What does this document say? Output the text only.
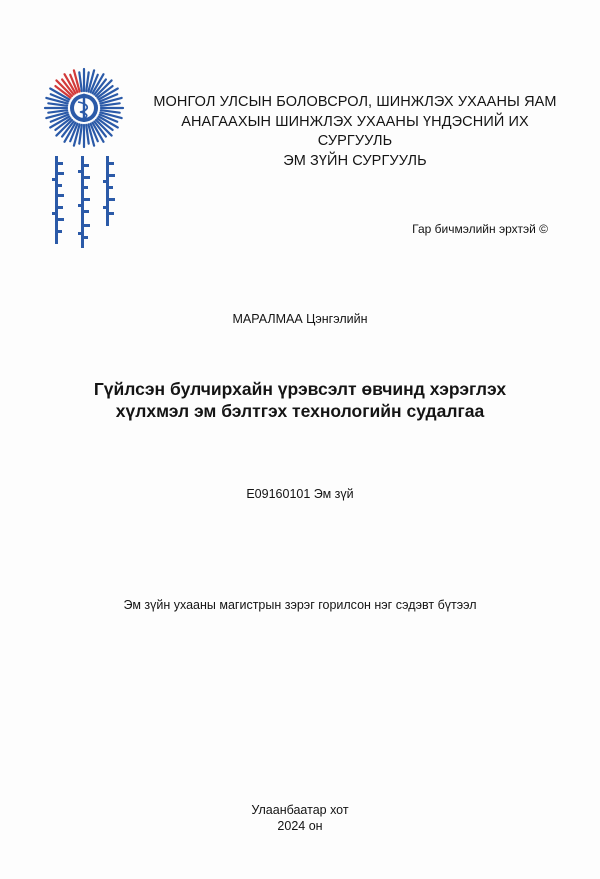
МОНГОЛ УЛСЫН БОЛОВСРОЛ, ШИНЖЛЭХ УХААНЫ ЯАМ
АНАГААХЫН ШИНЖЛЭХ УХААНЫ ҮНДЭСНИЙ ИХ СУРГУУЛЬ
ЭМ ЗҮЙН СУРГУУЛЬ
Гар бичмэлийн эрхтэй ©
МАРАЛМАА Цэнгэлийн
Гүйлсэн булчирхайн үрэвсэлт өвчинд хэрэглэх
хүлхмэл эм бэлтгэх технологийн судалгаа
E09160101 Эм зүй
Эм зүйн ухааны магистрын зэрэг горилсон нэг сэдэвт бүтээл
Улаанбаатар хот
2024 он
